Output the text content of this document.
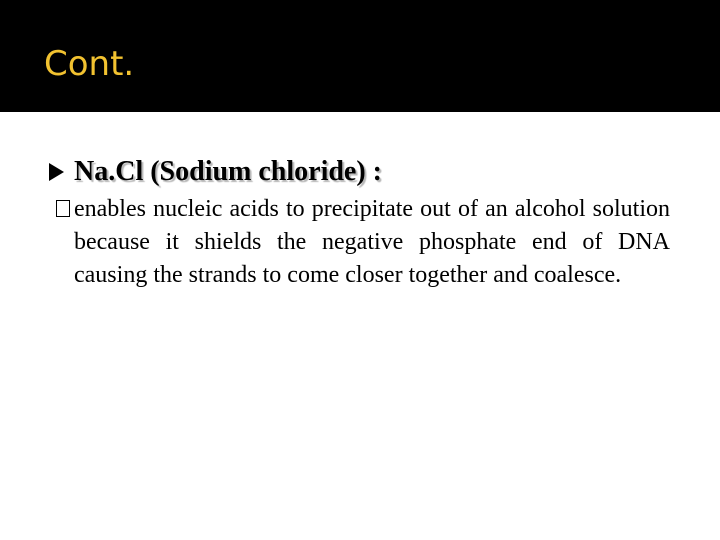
Cont.
Na.Cl (Sodium chloride) :

enables nucleic acids to precipitate out of an alcohol solution because it shields the negative phosphate end of DNA causing the strands to come closer together and coalesce.
